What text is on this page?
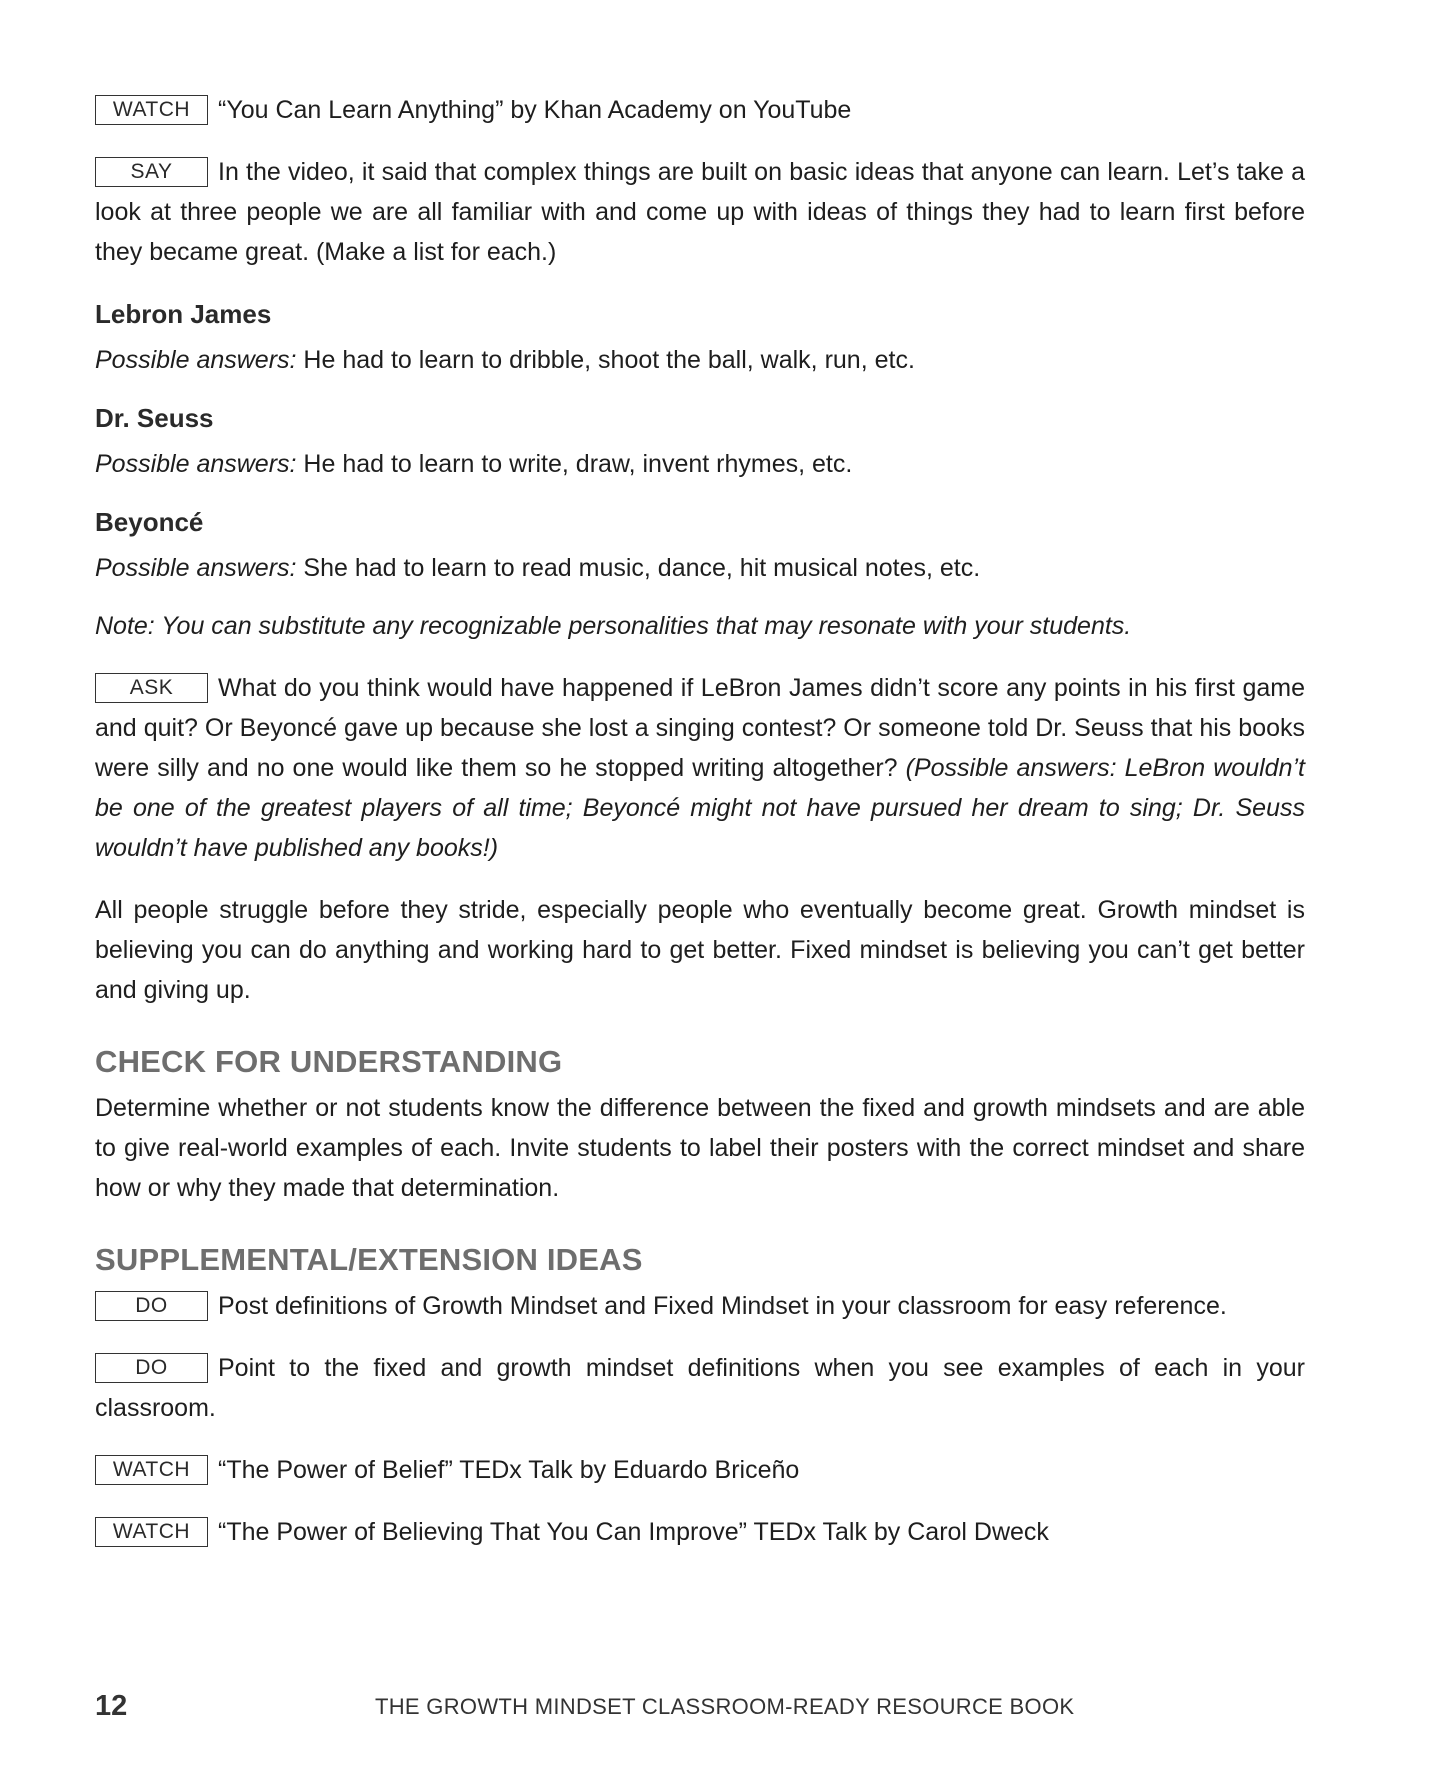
WATCH “You Can Learn Anything” by Khan Academy on YouTube

SAY In the video, it said that complex things are built on basic ideas that anyone can learn. Let’s take a look at three people we are all familiar with and come up with ideas of things they had to learn first before they became great. (Make a list for each.)

Lebron James
Possible answers: He had to learn to dribble, shoot the ball, walk, run, etc.
Dr. Seuss
Possible answers: He had to learn to write, draw, invent rhymes, etc.
Beyoncé
Possible answers: She had to learn to read music, dance, hit musical notes, etc.

Note: You can substitute any recognizable personalities that may resonate with your students.

ASK What do you think would have happened if LeBron James didn’t score any points in his first game and quit? Or Beyoncé gave up because she lost a singing contest? Or someone told Dr. Seuss that his books were silly and no one would like them so he stopped writing altogether? (Possible answers: LeBron wouldn’t be one of the greatest players of all time; Beyoncé might not have pursued her dream to sing; Dr. Seuss wouldn’t have published any books!)

All people struggle before they stride, especially people who eventually become great. Growth mindset is believing you can do anything and working hard to get better. Fixed mindset is believing you can’t get better and giving up.

CHECK FOR UNDERSTANDING

Determine whether or not students know the difference between the fixed and growth mindsets and are able to give real-world examples of each. Invite students to label their posters with the correct mindset and share how or why they made that determination.

SUPPLEMENTAL/EXTENSION IDEAS

DO Post definitions of Growth Mindset and Fixed Mindset in your classroom for easy reference.

DO Point to the fixed and growth mindset definitions when you see examples of each in your classroom.

WATCH “The Power of Belief” TEDx Talk by Eduardo Briceño

WATCH “The Power of Believing That You Can Improve” TEDx Talk by Carol Dweck

12	THE GROWTH MINDSET CLASSROOM-READY RESOURCE BOOK
